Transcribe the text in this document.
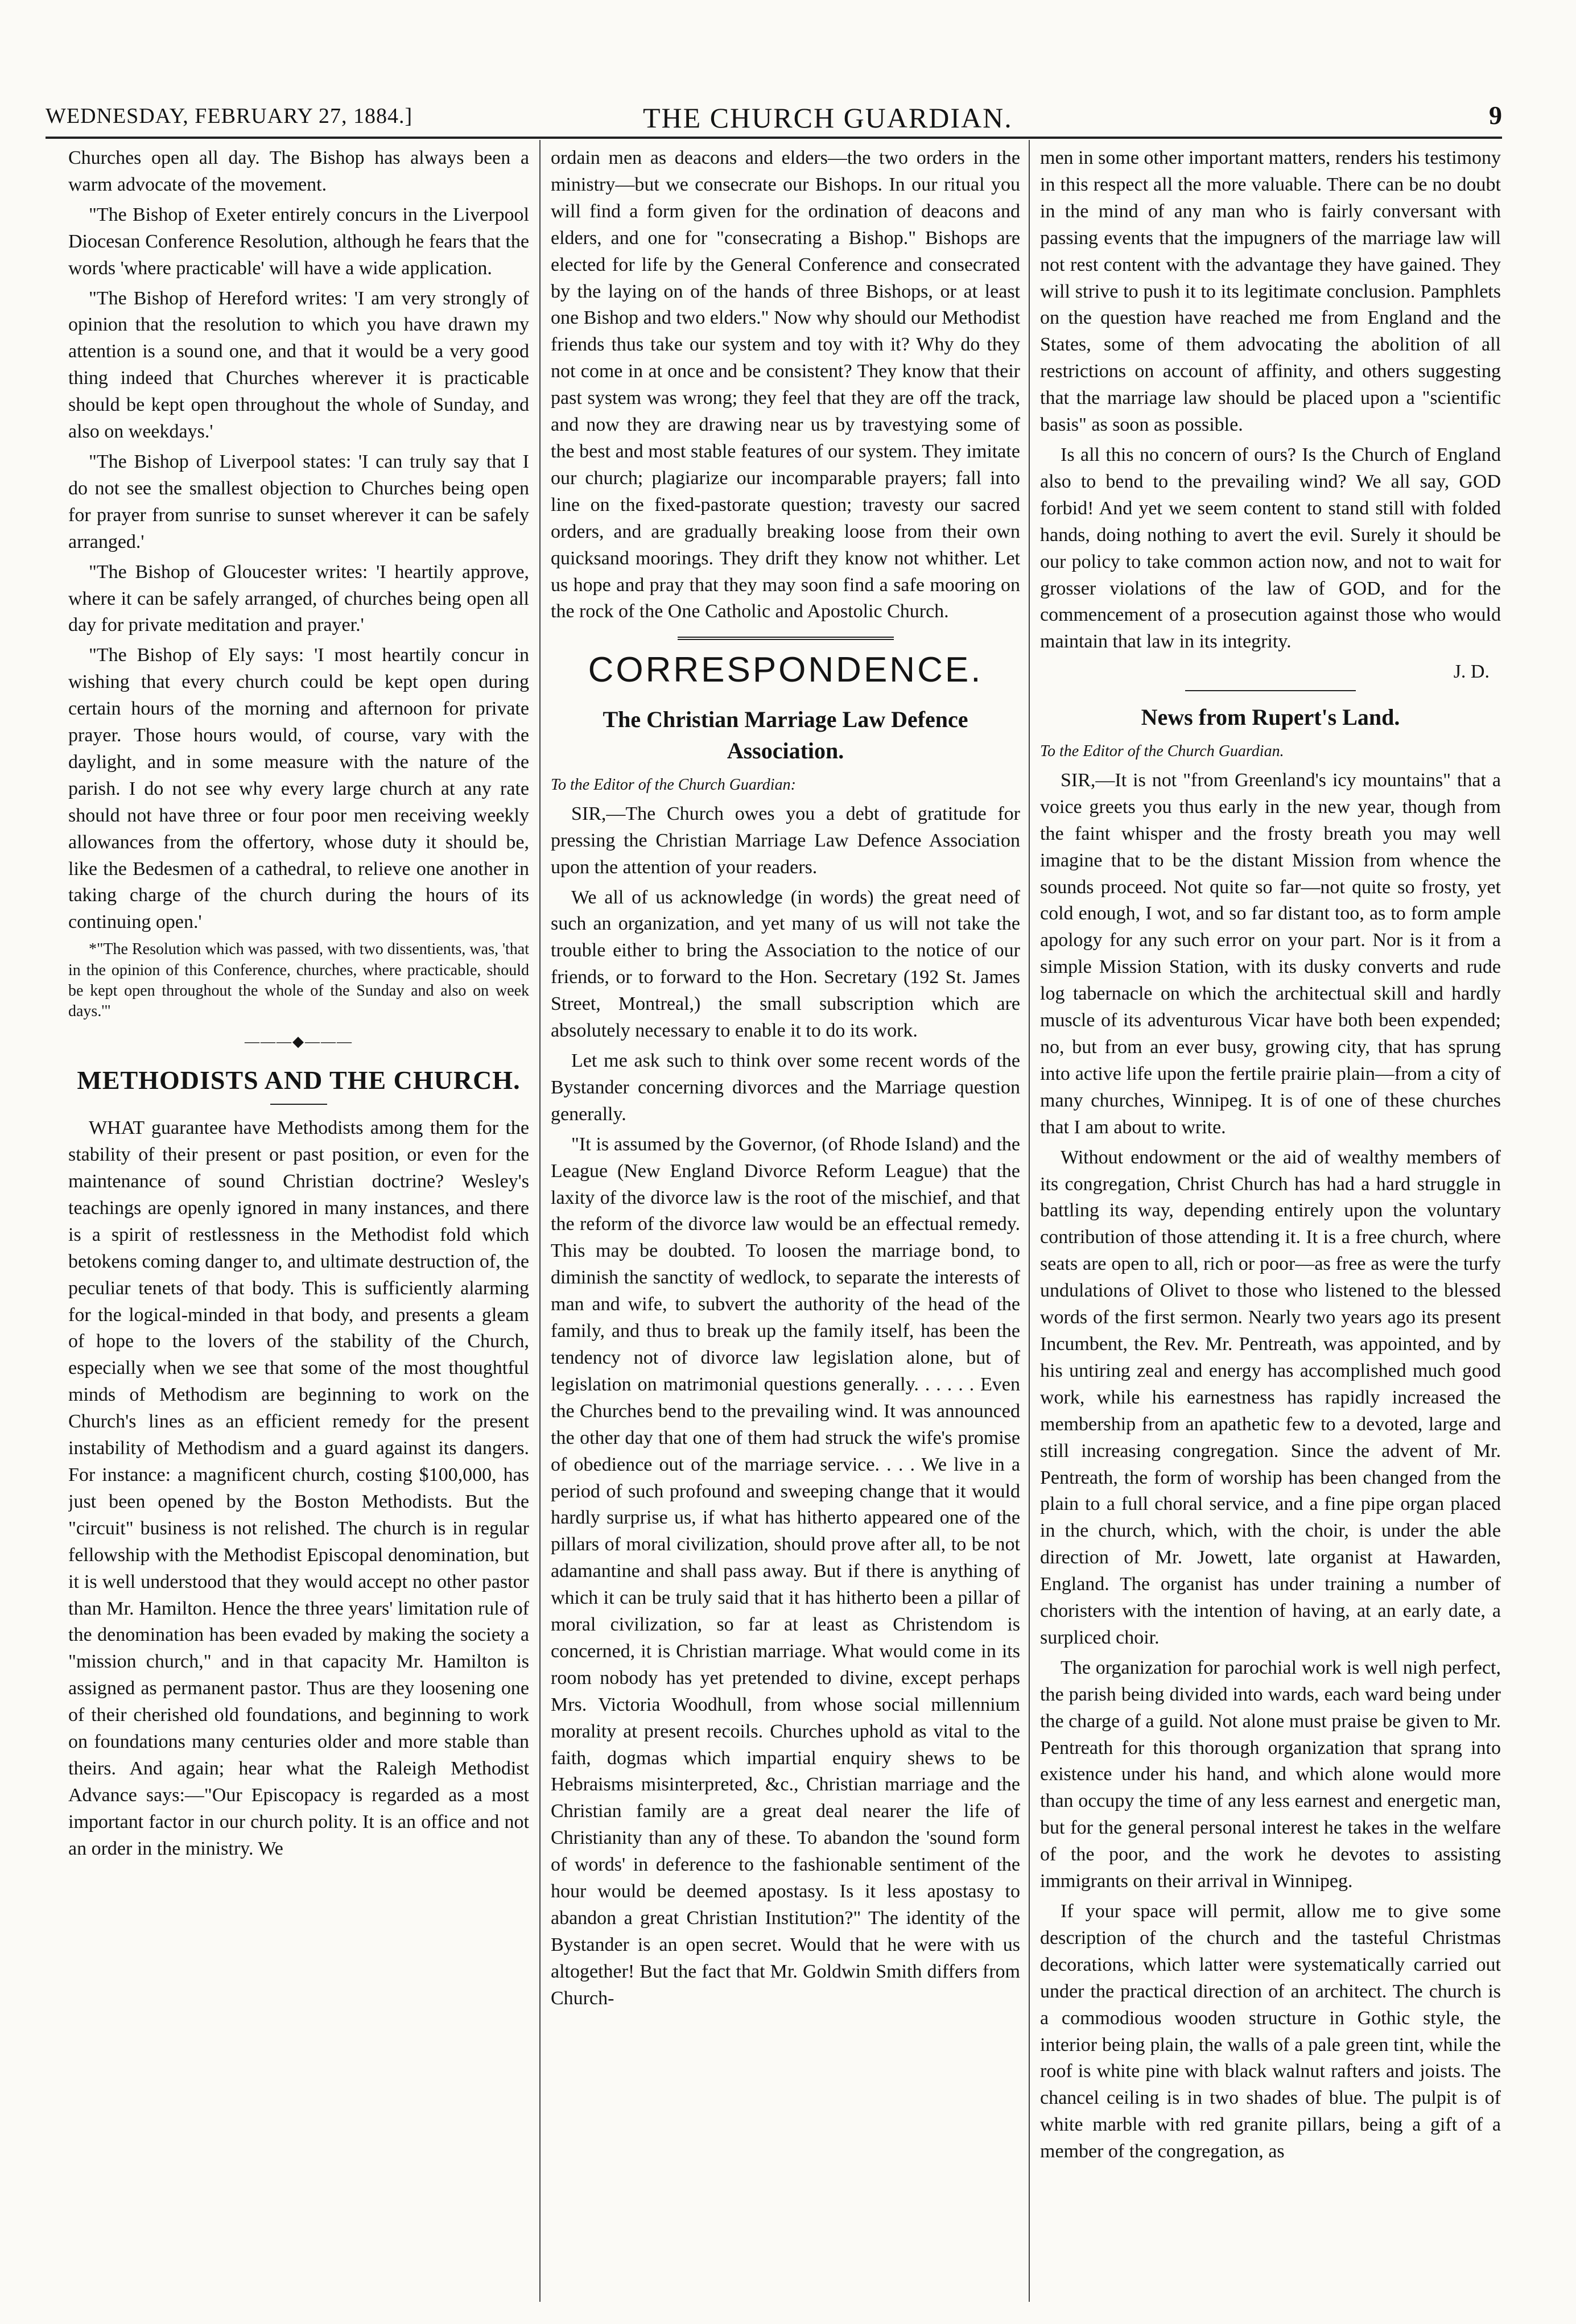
WEDNESDAY, FEBRUARY 27, 1884.]	THE CHURCH GUARDIAN.	9

Churches open all day. The Bishop has always been a warm advocate of the movement.

"The Bishop of Exeter entirely concurs in the Liverpool Diocesan Conference Resolution, although he fears that the words 'where practicable' will have a wide application.

"The Bishop of Hereford writes: 'I am very strongly of opinion that the resolution to which you have drawn my attention is a sound one, and that it would be a very good thing indeed that Churches wherever it is practicable should be kept open throughout the whole of Sunday, and also on weekdays.'

"The Bishop of Liverpool states: 'I can truly say that I do not see the smallest objection to Churches being open for prayer from sunrise to sunset wherever it can be safely arranged.'

"The Bishop of Gloucester writes: 'I heartily approve, where it can be safely arranged, of churches being open all day for private meditation and prayer.'

"The Bishop of Ely says: 'I most heartily concur in wishing that every church could be kept open during certain hours of the morning and afternoon for private prayer. Those hours would, of course, vary with the daylight, and in some measure with the nature of the parish. I do not see why every large church at any rate should not have three or four poor men receiving weekly allowances from the offertory, whose duty it should be, like the Bedesmen of a cathedral, to relieve one another in taking charge of the church during the hours of its continuing open.'

*"The Resolution which was passed, with two dissentients, was, 'that in the opinion of this Conference, churches, where practicable, should be kept open throughout the whole of the Sunday and also on week days.'"

———◆———
METHODISTS AND THE CHURCH.

WHAT guarantee have Methodists among them for the stability of their present or past position, or even for the maintenance of sound Christian doctrine? Wesley's teachings are openly ignored in many instances, and there is a spirit of restlessness in the Methodist fold which betokens coming danger to, and ultimate destruction of, the peculiar tenets of that body. This is sufficiently alarming for the logical-minded in that body, and presents a gleam of hope to the lovers of the stability of the Church, especially when we see that some of the most thoughtful minds of Methodism are beginning to work on the Church's lines as an efficient remedy for the present instability of Methodism and a guard against its dangers. For instance: a magnificent church, costing $100,000, has just been opened by the Boston Methodists. But the "circuit" business is not relished. The church is in regular fellowship with the Methodist Episcopal denomination, but it is well understood that they would accept no other pastor than Mr. Hamilton. Hence the three years' limitation rule of the denomination has been evaded by making the society a "mission church," and in that capacity Mr. Hamilton is assigned as permanent pastor. Thus are they loosening one of their cherished old foundations, and beginning to work on foundations many centuries older and more stable than theirs. And again; hear what the Raleigh Methodist Advance says:—"Our Episcopacy is regarded as a most important factor in our church polity. It is an office and not an order in the ministry. We

ordain men as deacons and elders—the two orders in the ministry—but we consecrate our Bishops. In our ritual you will find a form given for the ordination of deacons and elders, and one for "consecrating a Bishop." Bishops are elected for life by the General Conference and consecrated by the laying on of the hands of three Bishops, or at least one Bishop and two elders." Now why should our Methodist friends thus take our system and toy with it? Why do they not come in at once and be consistent? They know that their past system was wrong; they feel that they are off the track, and now they are drawing near us by travestying some of the best and most stable features of our system. They imitate our church; plagiarize our incomparable prayers; fall into line on the fixed-pastorate question; travesty our sacred orders, and are gradually breaking loose from their own quicksand moorings. They drift they know not whither. Let us hope and pray that they may soon find a safe mooring on the rock of the One Catholic and Apostolic Church.

CORRESPONDENCE.
The Christian Marriage Law Defence Association.
To the Editor of the Church Guardian:

SIR,—The Church owes you a debt of gratitude for pressing the Christian Marriage Law Defence Association upon the attention of your readers.

We all of us acknowledge (in words) the great need of such an organization, and yet many of us will not take the trouble either to bring the Association to the notice of our friends, or to forward to the Hon. Secretary (192 St. James Street, Montreal,) the small subscription which are absolutely necessary to enable it to do its work.

Let me ask such to think over some recent words of the Bystander concerning divorces and the Marriage question generally.

"It is assumed by the Governor, (of Rhode Island) and the League (New England Divorce Reform League) that the laxity of the divorce law is the root of the mischief, and that the reform of the divorce law would be an effectual remedy. This may be doubted. To loosen the marriage bond, to diminish the sanctity of wedlock, to separate the interests of man and wife, to subvert the authority of the head of the family, and thus to break up the family itself, has been the tendency not of divorce law legislation alone, but of legislation on matrimonial questions generally. . . . . . Even the Churches bend to the prevailing wind. It was announced the other day that one of them had struck the wife's promise of obedience out of the marriage service. . . . We live in a period of such profound and sweeping change that it would hardly surprise us, if what has hitherto appeared one of the pillars of moral civilization, should prove after all, to be not adamantine and shall pass away. But if there is anything of which it can be truly said that it has hitherto been a pillar of moral civilization, so far at least as Christendom is concerned, it is Christian marriage. What would come in its room nobody has yet pretended to divine, except perhaps Mrs. Victoria Woodhull, from whose social millennium morality at present recoils. Churches uphold as vital to the faith, dogmas which impartial enquiry shews to be Hebraisms misinterpreted, &c., Christian marriage and the Christian family are a great deal nearer the life of Christianity than any of these. To abandon the 'sound form of words' in deference to the fashionable sentiment of the hour would be deemed apostasy. Is it less apostasy to abandon a great Christian Institution?" The identity of the Bystander is an open secret. Would that he were with us altogether! But the fact that Mr. Goldwin Smith differs from Church-

men in some other important matters, renders his testimony in this respect all the more valuable. There can be no doubt in the mind of any man who is fairly conversant with passing events that the impugners of the marriage law will not rest content with the advantage they have gained. They will strive to push it to its legitimate conclusion. Pamphlets on the question have reached me from England and the States, some of them advocating the abolition of all restrictions on account of affinity, and others suggesting that the marriage law should be placed upon a "scientific basis" as soon as possible.

Is all this no concern of ours? Is the Church of England also to bend to the prevailing wind? We all say, GOD forbid! And yet we seem content to stand still with folded hands, doing nothing to avert the evil. Surely it should be our policy to take common action now, and not to wait for grosser violations of the law of GOD, and for the commencement of a prosecution against those who would maintain that law in its integrity.

J. D.
News from Rupert's Land.
To the Editor of the Church Guardian.

SIR,—It is not "from Greenland's icy mountains" that a voice greets you thus early in the new year, though from the faint whisper and the frosty breath you may well imagine that to be the distant Mission from whence the sounds proceed. Not quite so far—not quite so frosty, yet cold enough, I wot, and so far distant too, as to form ample apology for any such error on your part. Nor is it from a simple Mission Station, with its dusky converts and rude log tabernacle on which the architectual skill and hardly muscle of its adventurous Vicar have both been expended; no, but from an ever busy, growing city, that has sprung into active life upon the fertile prairie plain—from a city of many churches, Winnipeg. It is of one of these churches that I am about to write.

Without endowment or the aid of wealthy members of its congregation, Christ Church has had a hard struggle in battling its way, depending entirely upon the voluntary contribution of those attending it. It is a free church, where seats are open to all, rich or poor—as free as were the turfy undulations of Olivet to those who listened to the blessed words of the first sermon. Nearly two years ago its present Incumbent, the Rev. Mr. Pentreath, was appointed, and by his untiring zeal and energy has accomplished much good work, while his earnestness has rapidly increased the membership from an apathetic few to a devoted, large and still increasing congregation. Since the advent of Mr. Pentreath, the form of worship has been changed from the plain to a full choral service, and a fine pipe organ placed in the church, which, with the choir, is under the able direction of Mr. Jowett, late organist at Hawarden, England. The organist has under training a number of choristers with the intention of having, at an early date, a surpliced choir.

The organization for parochial work is well nigh perfect, the parish being divided into wards, each ward being under the charge of a guild. Not alone must praise be given to Mr. Pentreath for this thorough organization that sprang into existence under his hand, and which alone would more than occupy the time of any less earnest and energetic man, but for the general personal interest he takes in the welfare of the poor, and the work he devotes to assisting immigrants on their arrival in Winnipeg.

If your space will permit, allow me to give some description of the church and the tasteful Christmas decorations, which latter were systematically carried out under the practical direction of an architect. The church is a commodious wooden structure in Gothic style, the interior being plain, the walls of a pale green tint, while the roof is white pine with black walnut rafters and joists. The chancel ceiling is in two shades of blue. The pulpit is of white marble with red granite pillars, being a gift of a member of the congregation, as
